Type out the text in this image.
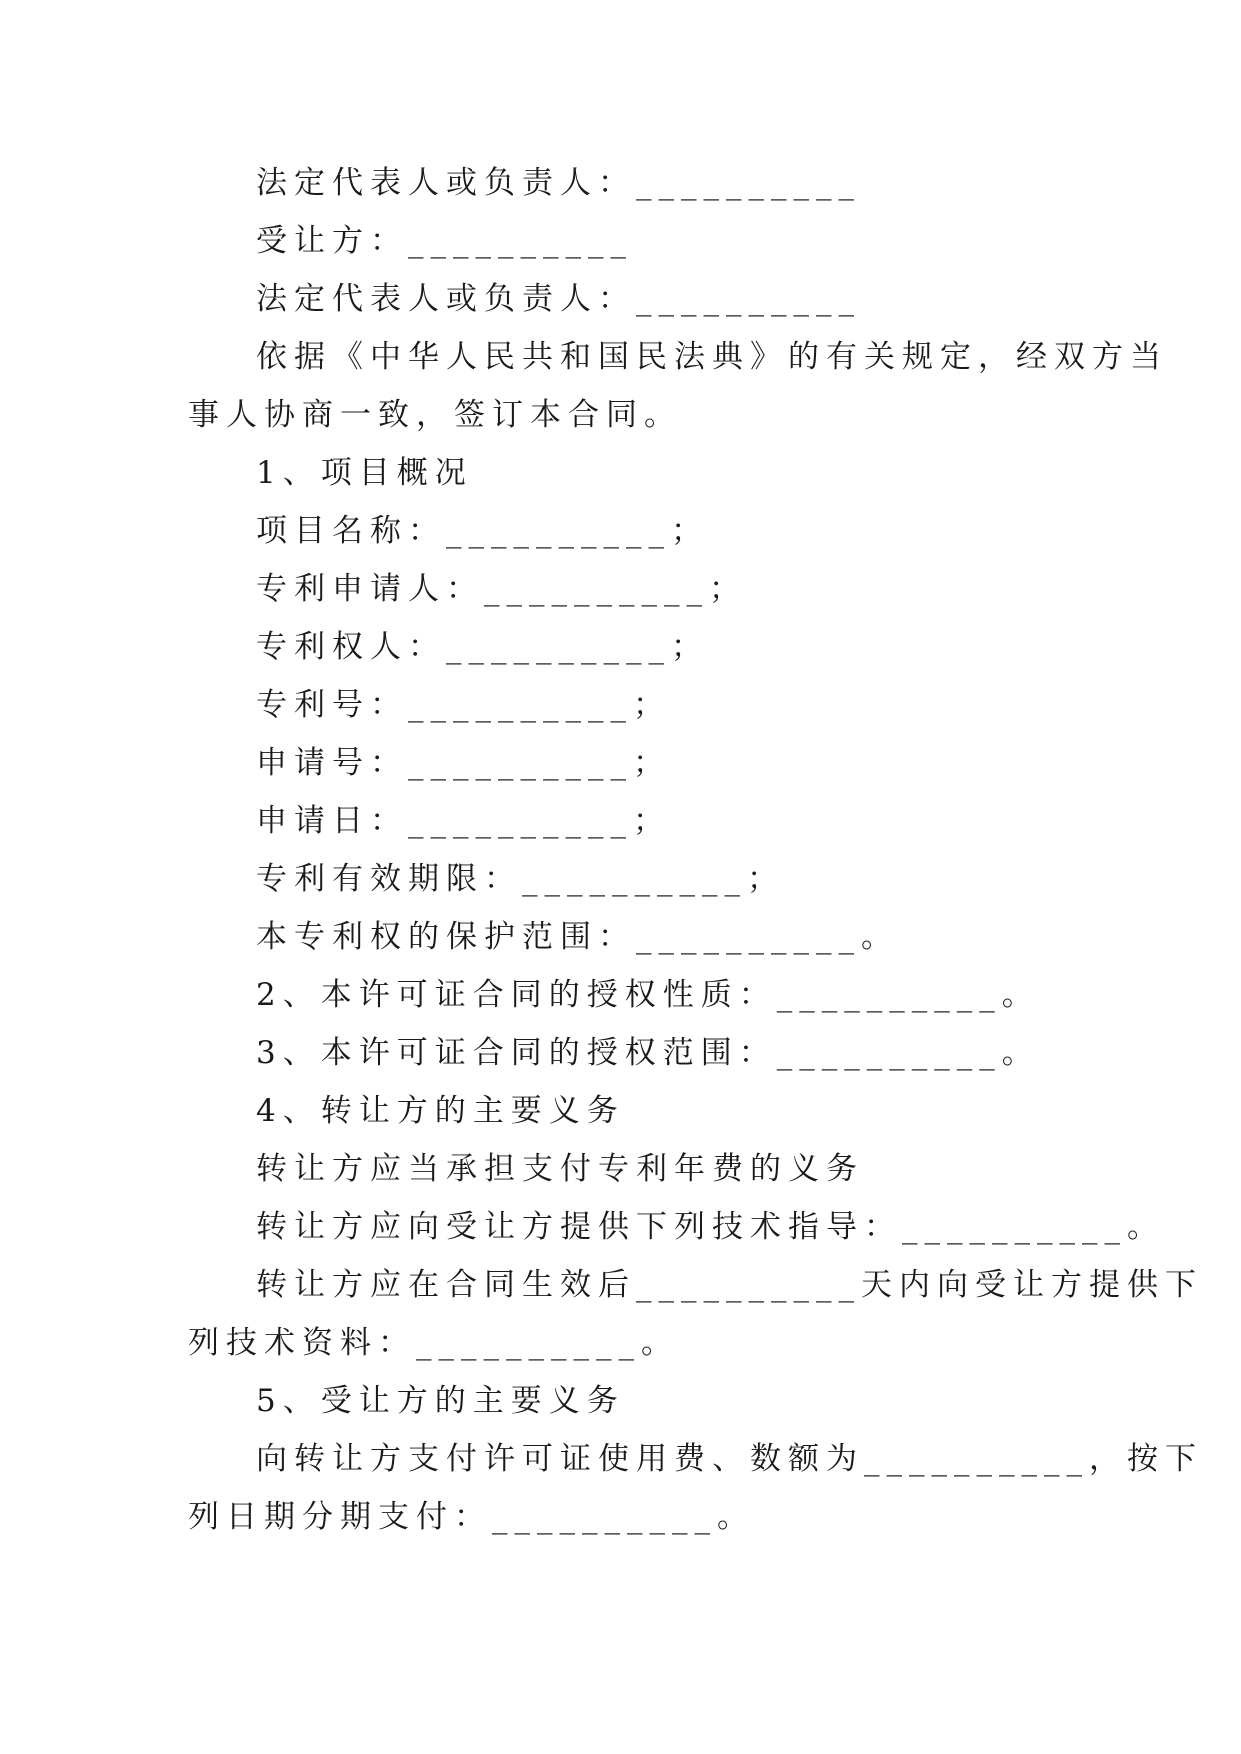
法定代表人或负责人：__________
受让方：__________
法定代表人或负责人：__________
依据《中华人民共和国民法典》的有关规定，经双方当
事人协商一致，签订本合同。
1、项目概况
项目名称：__________；
专利申请人：__________；
专利权人：__________；
专利号：__________；
申请号：__________；
申请日：__________；
专利有效期限：__________；
本专利权的保护范围：__________。
2、本许可证合同的授权性质：__________。
3、本许可证合同的授权范围：__________。
4、转让方的主要义务
转让方应当承担支付专利年费的义务
转让方应向受让方提供下列技术指导：__________。
转让方应在合同生效后__________天内向受让方提供下
列技术资料：__________。
5、受让方的主要义务
向转让方支付许可证使用费、数额为__________，按下
列日期分期支付：__________。
